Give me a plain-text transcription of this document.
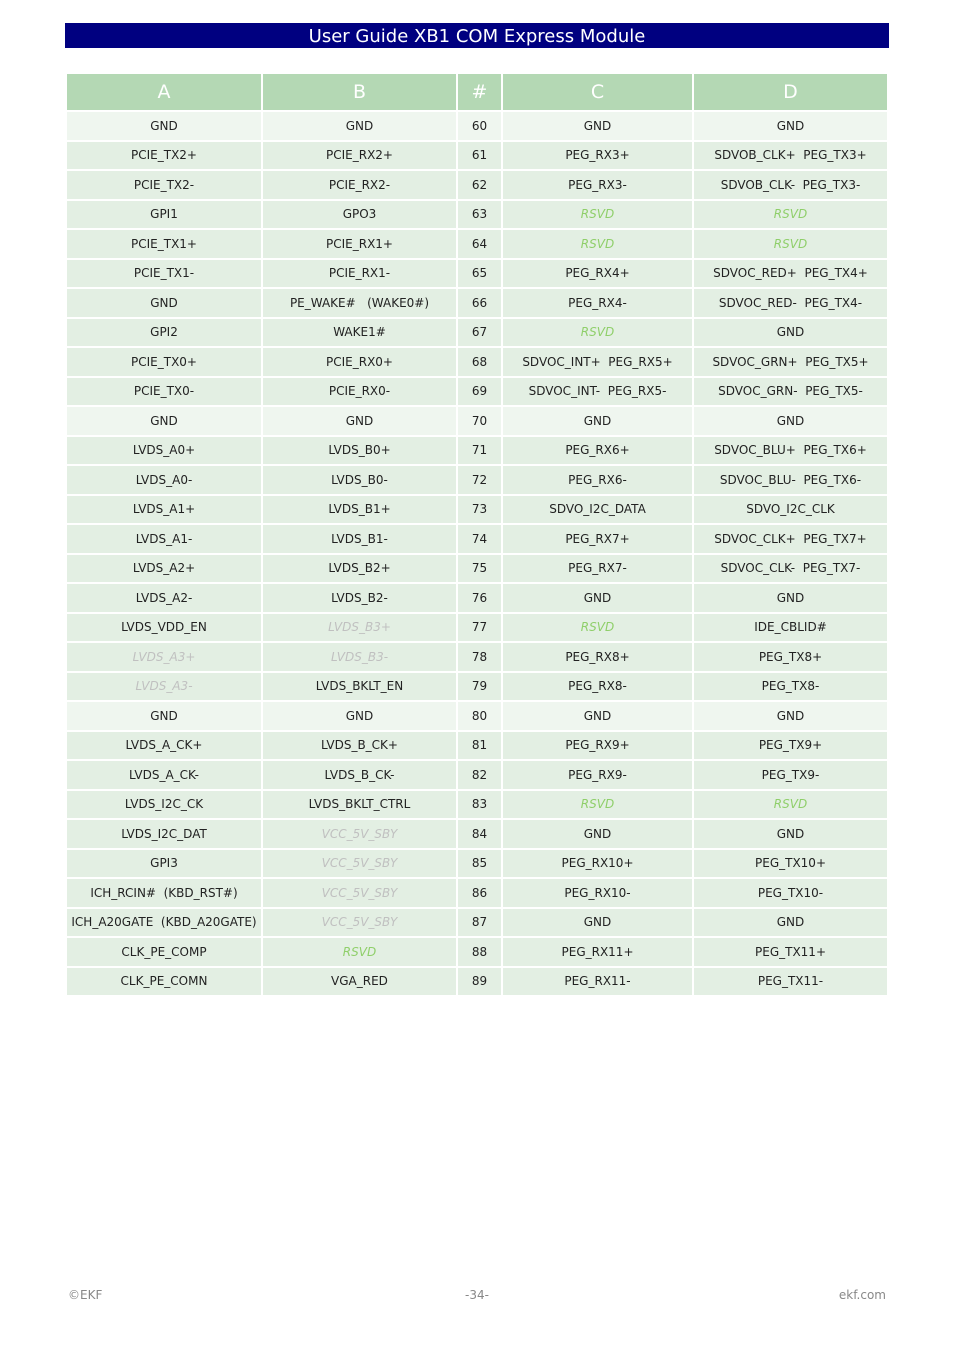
User Guide XB1 COM Express Module
A	B	#	C	D
GND	GND	60	GND	GND
PCIE_TX2+	PCIE_RX2+	61	PEG_RX3+	SDVOB_CLK+  PEG_TX3+
PCIE_TX2-	PCIE_RX2-	62	PEG_RX3-	SDVOB_CLK-  PEG_TX3-
GPI1	GPO3	63	RSVD	RSVD
PCIE_TX1+	PCIE_RX1+	64	RSVD	RSVD
PCIE_TX1-	PCIE_RX1-	65	PEG_RX4+	SDVOC_RED+  PEG_TX4+
GND	PE_WAKE#   (WAKE0#)	66	PEG_RX4-	SDVOC_RED-  PEG_TX4-
GPI2	WAKE1#	67	RSVD	GND
PCIE_TX0+	PCIE_RX0+	68	SDVOC_INT+  PEG_RX5+	SDVOC_GRN+  PEG_TX5+
PCIE_TX0-	PCIE_RX0-	69	SDVOC_INT-  PEG_RX5-	SDVOC_GRN-  PEG_TX5-
GND	GND	70	GND	GND
LVDS_A0+	LVDS_B0+	71	PEG_RX6+	SDVOC_BLU+  PEG_TX6+
LVDS_A0-	LVDS_B0-	72	PEG_RX6-	SDVOC_BLU-  PEG_TX6-
LVDS_A1+	LVDS_B1+	73	SDVO_I2C_DATA	SDVO_I2C_CLK
LVDS_A1-	LVDS_B1-	74	PEG_RX7+	SDVOC_CLK+  PEG_TX7+
LVDS_A2+	LVDS_B2+	75	PEG_RX7-	SDVOC_CLK-  PEG_TX7-
LVDS_A2-	LVDS_B2-	76	GND	GND
LVDS_VDD_EN	LVDS_B3+	77	RSVD	IDE_CBLID#
LVDS_A3+	LVDS_B3-	78	PEG_RX8+	PEG_TX8+
LVDS_A3-	LVDS_BKLT_EN	79	PEG_RX8-	PEG_TX8-
GND	GND	80	GND	GND
LVDS_A_CK+	LVDS_B_CK+	81	PEG_RX9+	PEG_TX9+
LVDS_A_CK-	LVDS_B_CK-	82	PEG_RX9-	PEG_TX9-
LVDS_I2C_CK	LVDS_BKLT_CTRL	83	RSVD	RSVD
LVDS_I2C_DAT	VCC_5V_SBY	84	GND	GND
GPI3	VCC_5V_SBY	85	PEG_RX10+	PEG_TX10+
ICH_RCIN#  (KBD_RST#)	VCC_5V_SBY	86	PEG_RX10-	PEG_TX10-
ICH_A20GATE  (KBD_A20GATE)	VCC_5V_SBY	87	GND	GND
CLK_PE_COMP	RSVD	88	PEG_RX11+	PEG_TX11+
CLK_PE_COMN	VGA_RED	89	PEG_RX11-	PEG_TX11-
©EKF	-34-	ekf.com
